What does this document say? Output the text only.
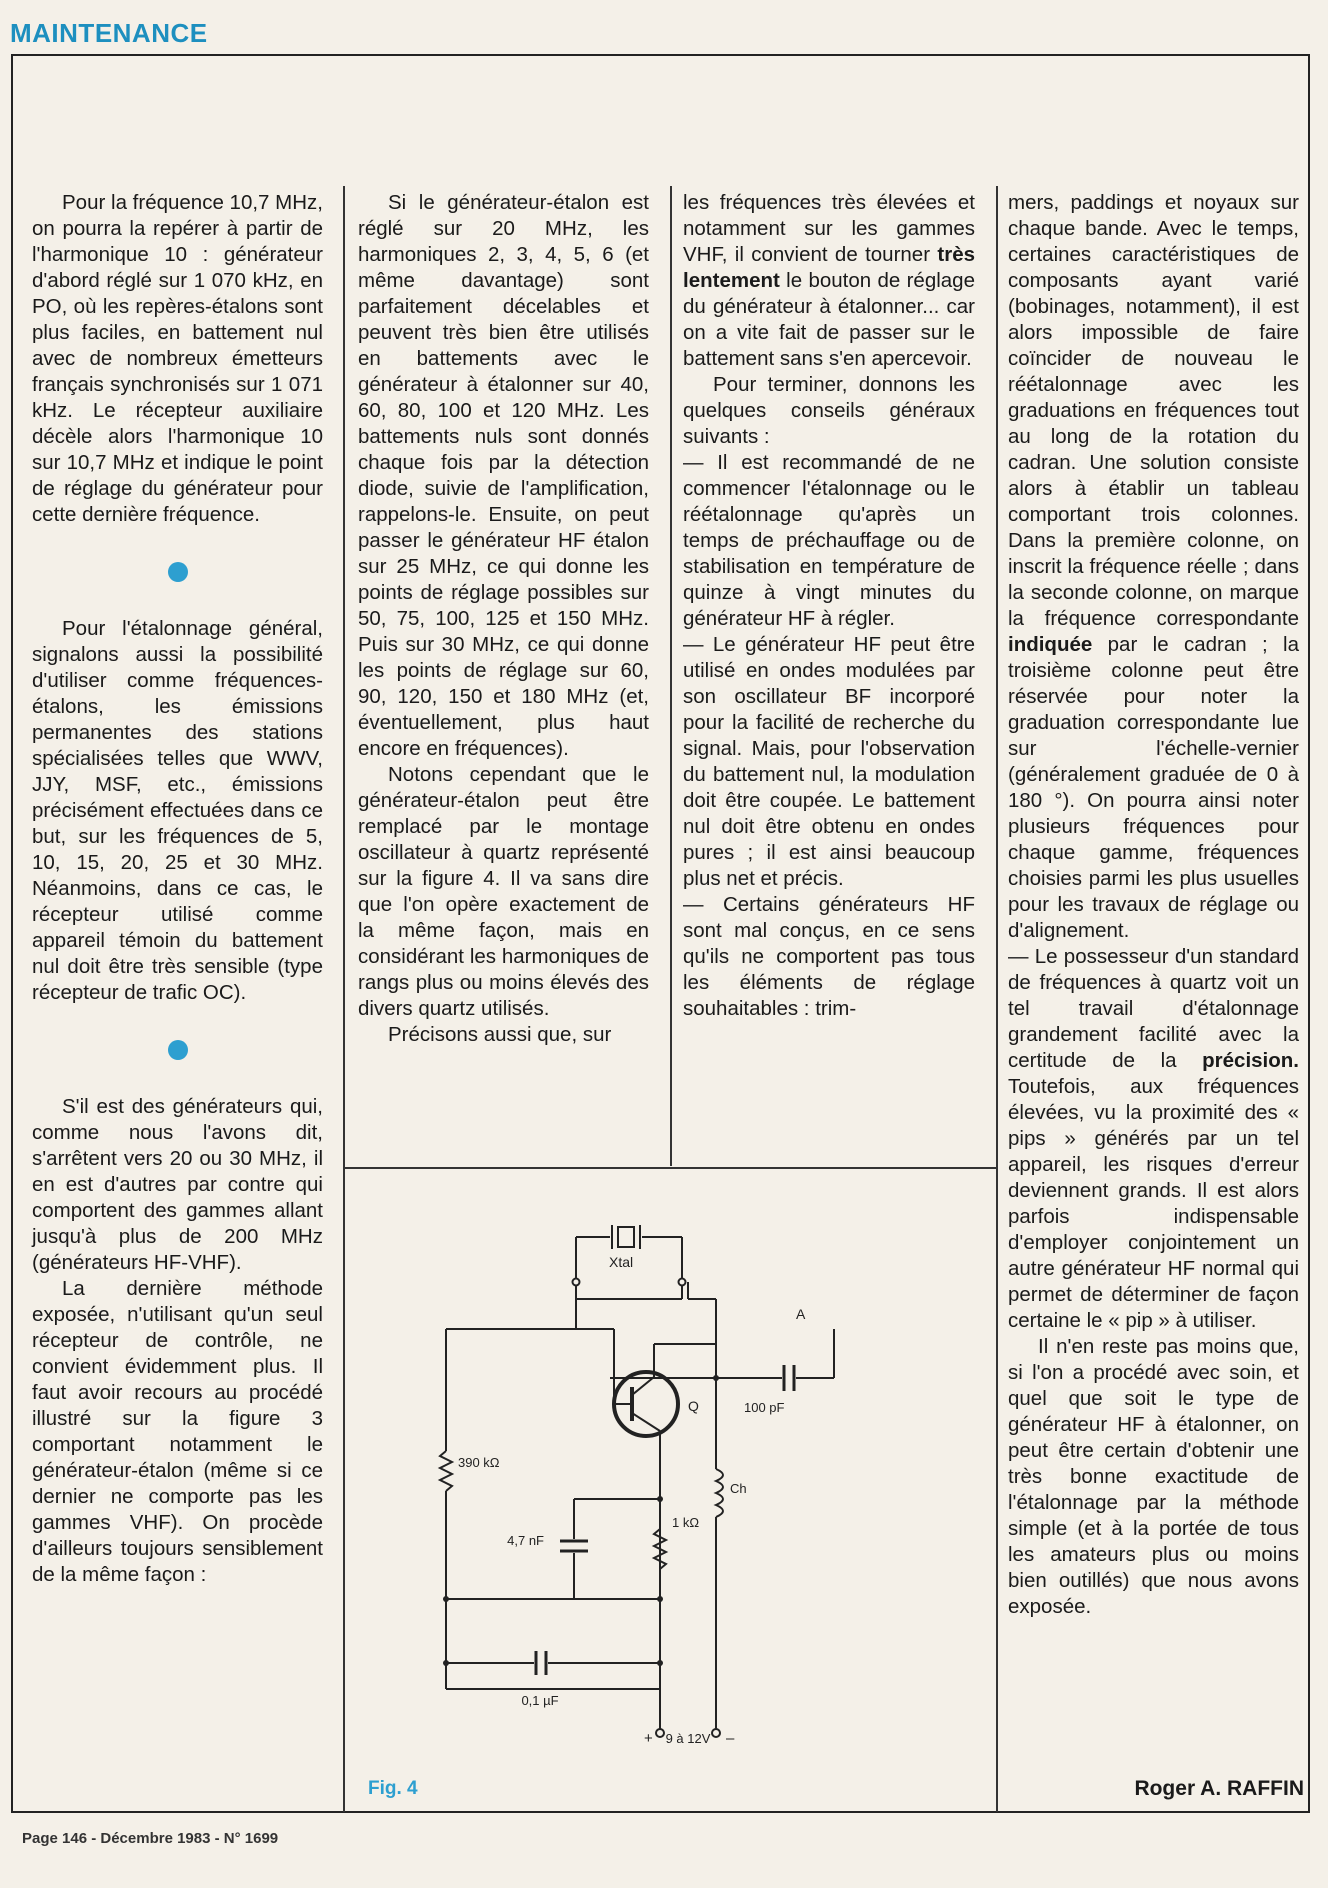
MAINTENANCE

Pour la fréquence 10,7 MHz, on pourra la repérer à partir de l'harmonique 10 : générateur d'abord réglé sur 1 070 kHz, en PO, où les repères-étalons sont plus faciles, en battement nul avec de nombreux émetteurs français synchronisés sur 1 071 kHz. Le récepteur auxiliaire décèle alors l'harmonique 10 sur 10,7 MHz et indique le point de réglage du générateur pour cette dernière fréquence.

Pour l'étalonnage général, signalons aussi la possibilité d'utiliser comme fréquences-étalons, les émissions permanentes des stations spécialisées telles que WWV, JJY, MSF, etc., émissions précisément effectuées dans ce but, sur les fréquences de 5, 10, 15, 20, 25 et 30 MHz. Néanmoins, dans ce cas, le récepteur utilisé comme appareil témoin du battement nul doit être très sensible (type récepteur de trafic OC).

S'il est des générateurs qui, comme nous l'avons dit, s'arrêtent vers 20 ou 30 MHz, il en est d'autres par contre qui comportent des gammes allant jusqu'à plus de 200 MHz (générateurs HF-VHF).

La dernière méthode exposée, n'utilisant qu'un seul récepteur de contrôle, ne convient évidemment plus. Il faut avoir recours au procédé illustré sur la figure 3 comportant notamment le générateur-étalon (même si ce dernier ne comporte pas les gammes VHF). On procède d'ailleurs toujours sensiblement de la même façon :

Si le générateur-étalon est réglé sur 20 MHz, les harmoniques 2, 3, 4, 5, 6 (et même davantage) sont parfaitement décelables et peuvent très bien être utilisés en battements avec le générateur à étalonner sur 40, 60, 80, 100 et 120 MHz. Les battements nuls sont donnés chaque fois par la détection diode, suivie de l'amplification, rappelons-le. Ensuite, on peut passer le générateur HF étalon sur 25 MHz, ce qui donne les points de réglage possibles sur 50, 75, 100, 125 et 150 MHz. Puis sur 30 MHz, ce qui donne les points de réglage sur 60, 90, 120, 150 et 180 MHz (et, éventuellement, plus haut encore en fréquences).

Notons cependant que le générateur-étalon peut être remplacé par le montage oscillateur à quartz représenté sur la figure 4. Il va sans dire que l'on opère exactement de la même façon, mais en considérant les harmoniques de rangs plus ou moins élevés des divers quartz utilisés.

Précisons aussi que, sur

les fréquences très élevées et notamment sur les gammes VHF, il convient de tourner très lentement le bouton de réglage du générateur à étalonner... car on a vite fait de passer sur le battement sans s'en apercevoir.

Pour terminer, donnons les quelques conseils généraux suivants :

— Il est recommandé de ne commencer l'étalonnage ou le réétalonnage qu'après un temps de préchauffage ou de stabilisation en température de quinze à vingt minutes du générateur HF à régler.

— Le générateur HF peut être utilisé en ondes modulées par son oscillateur BF incorporé pour la facilité de recherche du signal. Mais, pour l'observation du battement nul, la modulation doit être coupée. Le battement nul doit être obtenu en ondes pures ; il est ainsi beaucoup plus net et précis.

— Certains générateurs HF sont mal conçus, en ce sens qu'ils ne comportent pas tous les éléments de réglage souhaitables : trim-

mers, paddings et noyaux sur chaque bande. Avec le temps, certaines caractéristiques de composants ayant varié (bobinages, notamment), il est alors impossible de faire coïncider de nouveau le réétalonnage avec les graduations en fréquences tout au long de la rotation du cadran. Une solution consiste alors à établir un tableau comportant trois colonnes. Dans la première colonne, on inscrit la fréquence réelle ; dans la seconde colonne, on marque la fréquence correspondante indiquée par le cadran ; la troisième colonne peut être réservée pour noter la graduation correspondante lue sur l'échelle-vernier (généralement graduée de 0 à 180 °). On pourra ainsi noter plusieurs fréquences pour chaque gamme, fréquences choisies parmi les plus usuelles pour les travaux de réglage ou d'alignement.

— Le possesseur d'un standard de fréquences à quartz voit un tel travail d'étalonnage grandement facilité avec la certitude de la précision. Toutefois, aux fréquences élevées, vu la proximité des « pips » générés par un tel appareil, les risques d'erreur deviennent grands. Il est alors parfois indispensable d'employer conjointement un autre générateur HF normal qui permet de déterminer de façon certaine le « pip » à utiliser.

Il n'en reste pas moins que, si l'on a procédé avec soin, et quel que soit le type de générateur HF à étalonner, on peut être certain d'obtenir une très bonne exactitude de l'étalonnage par la méthode simple (et à la portée de tous les amateurs plus ou moins bien outillés) que nous avons exposée.

Xtal
A
Q	100 pF
390 kΩ
1 kΩ
4,7 nF
0,1 µF
Ch
+ 9 à 12V –
Fig. 4	Roger A. RAFFIN
Page 146 - Décembre 1983 - N° 1699
